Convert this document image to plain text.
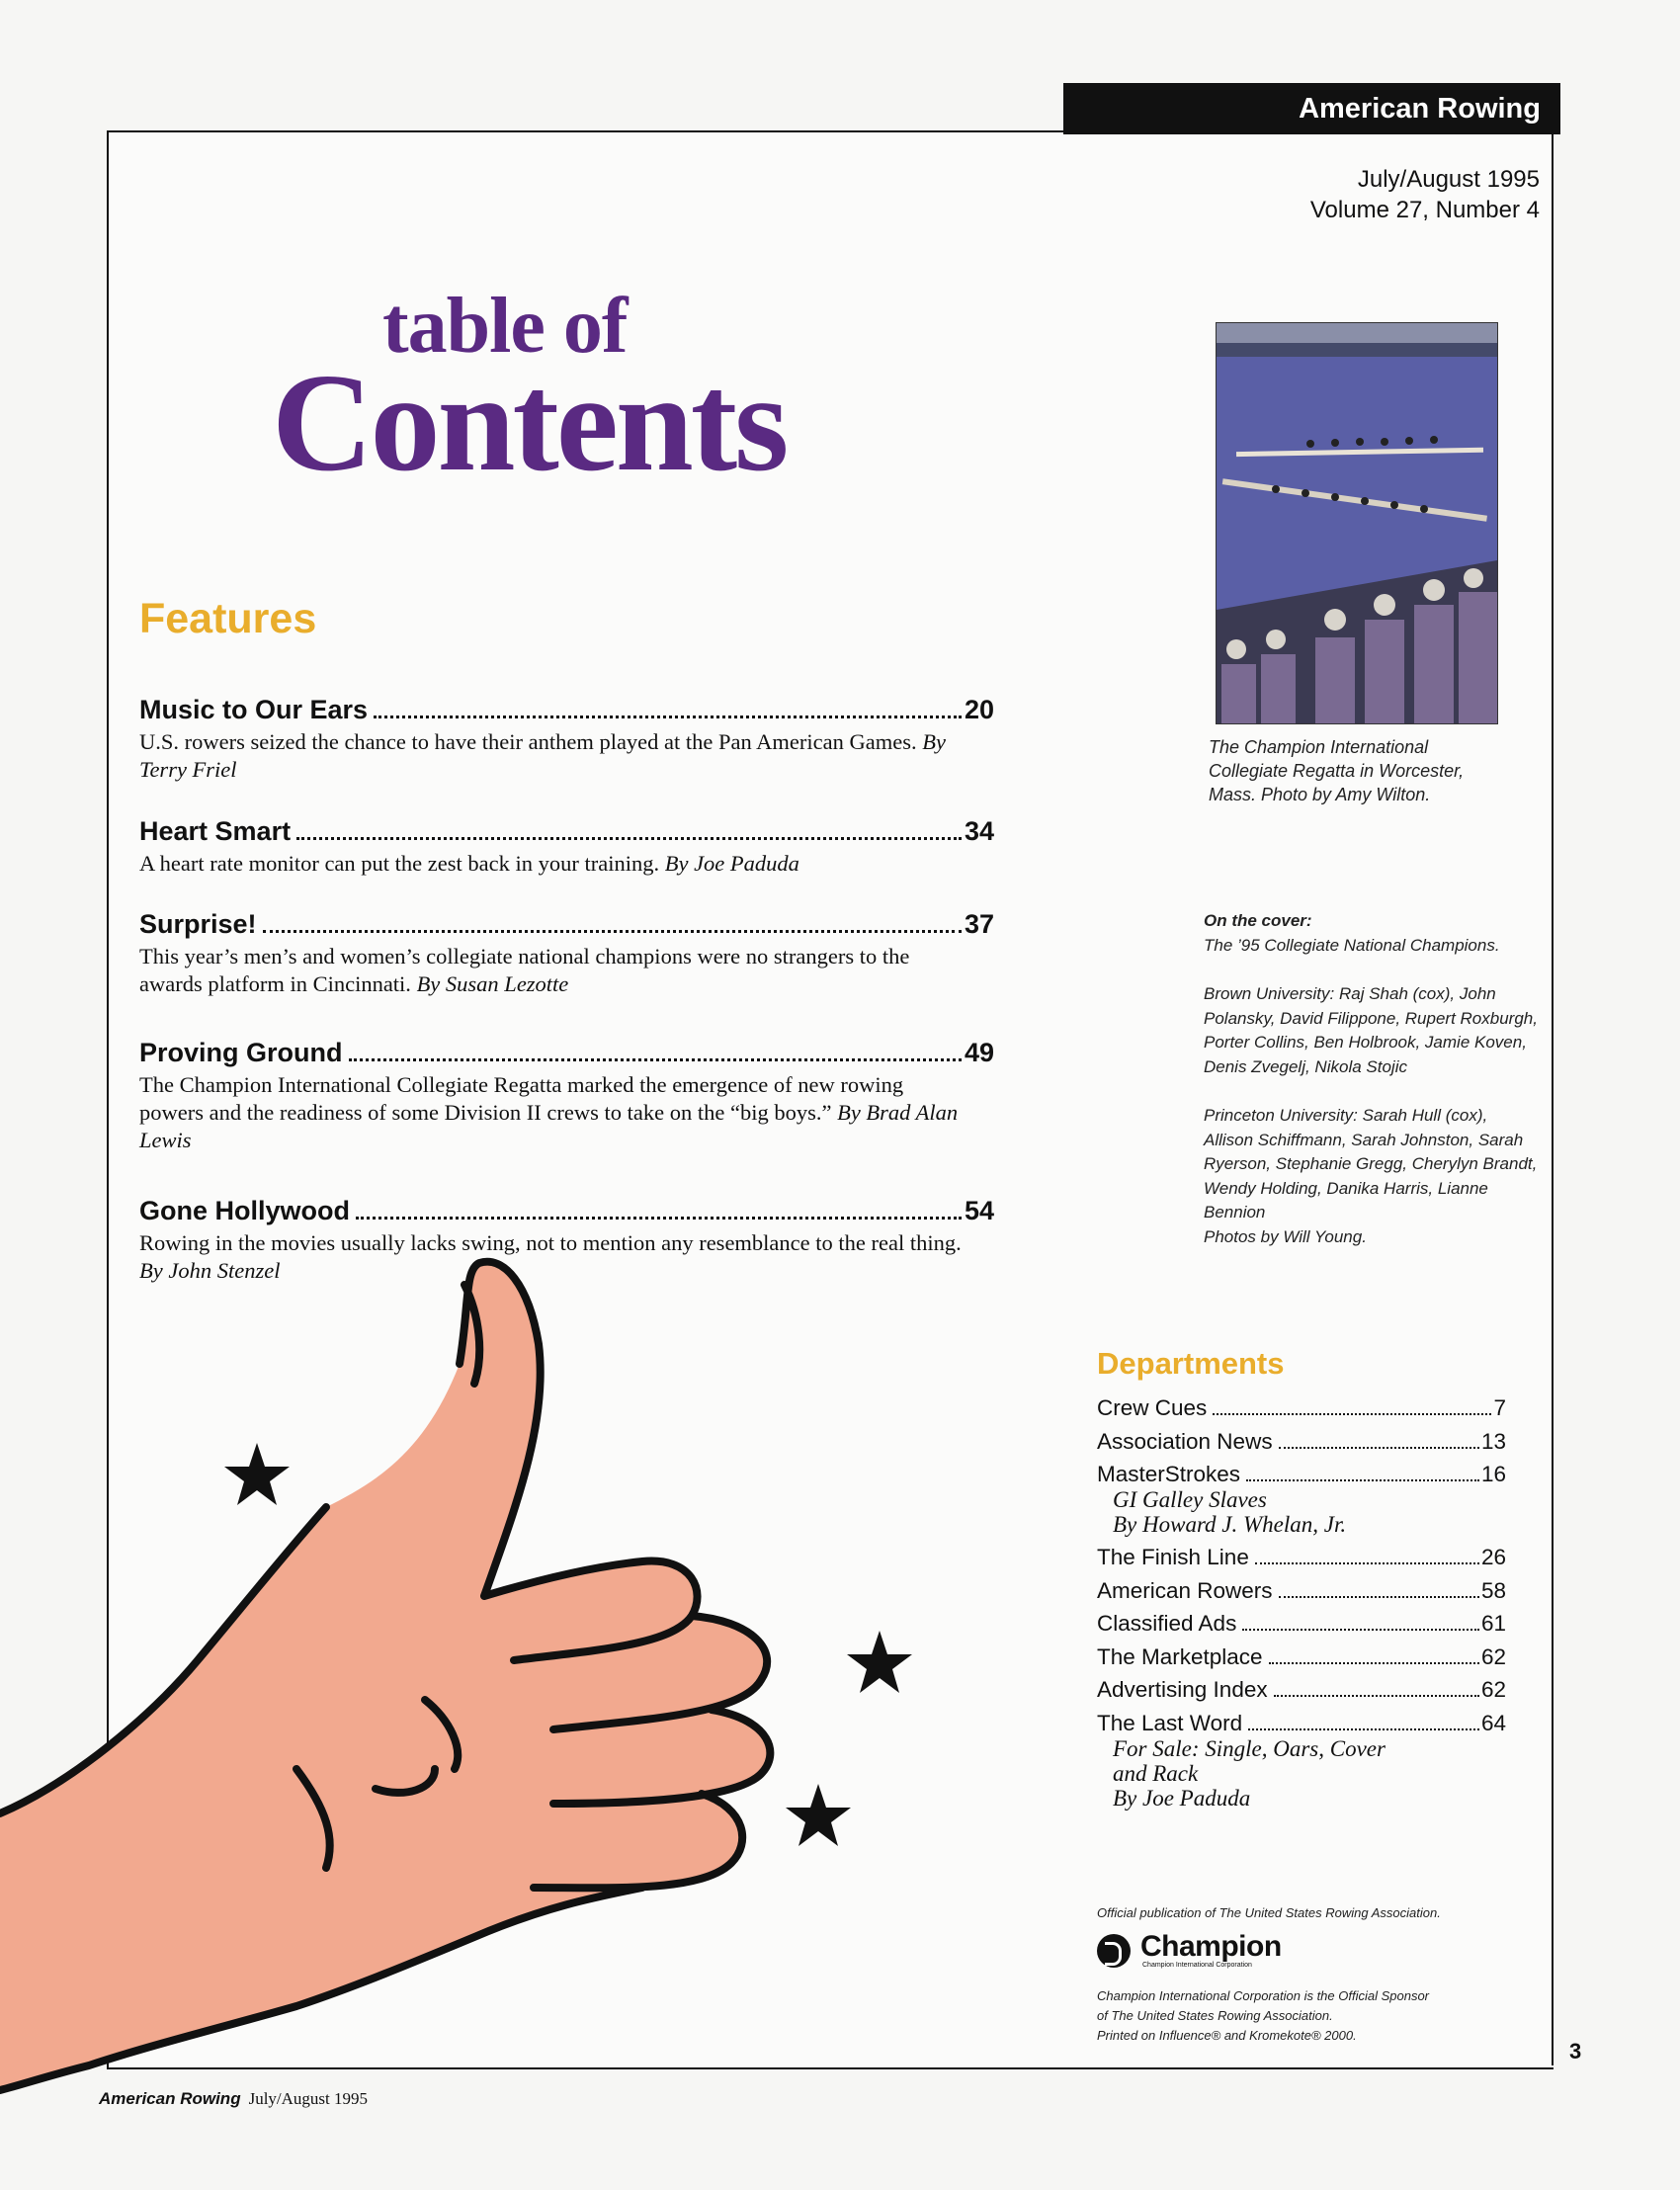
American Rowing
July/August 1995
Volume 27, Number 4
table of
Contents
Features
Music to Our Ears	20
U.S. rowers seized the chance to have their anthem played at the Pan American Games. By Terry Friel
Heart Smart	34
A heart rate monitor can put the zest back in your training. By Joe Paduda
Surprise!	37
This year’s men’s and women’s collegiate national champions were no strangers to the awards platform in Cincinnati. By Susan Lezotte
Proving Ground	49
The Champion International Collegiate Regatta marked the emergence of new rowing powers and the readiness of some Division II crews to take on the “big boys.” By Brad Alan Lewis
Gone Hollywood	54
Rowing in the movies usually lacks swing, not to mention any resemblance to the real thing. By John Stenzel
The Champion International Collegiate Regatta in Worcester, Mass. Photo by Amy Wilton.

On the cover:
The ’95 Collegiate National Champions.

Brown University: Raj Shah (cox), John Polansky, David Filippone, Rupert Roxburgh, Porter Collins, Ben Holbrook, Jamie Koven, Denis Zvegelj, Nikola Stojic

Princeton University: Sarah Hull (cox), Allison Schiffmann, Sarah Johnston, Sarah Ryerson, Stephanie Gregg, Cherylyn Brandt, Wendy Holding, Danika Harris, Lianne Bennion
Photos by Will Young.

Departments
Crew Cues	7
Association News	13
MasterStrokes	16
GI Galley Slaves
By Howard J. Whelan, Jr.
The Finish Line	26
American Rowers	58
Classified Ads	61
The Marketplace	62
Advertising Index	62
The Last Word	64
For Sale: Single, Oars, Cover
and Rack
By Joe Paduda
Official publication of The United States Rowing Association.
Champion
Champion International Corporation
Champion International Corporation is the Official Sponsor
of The United States Rowing Association.
Printed on Influence® and Kromekote® 2000.
3
American Rowing July/August 1995
